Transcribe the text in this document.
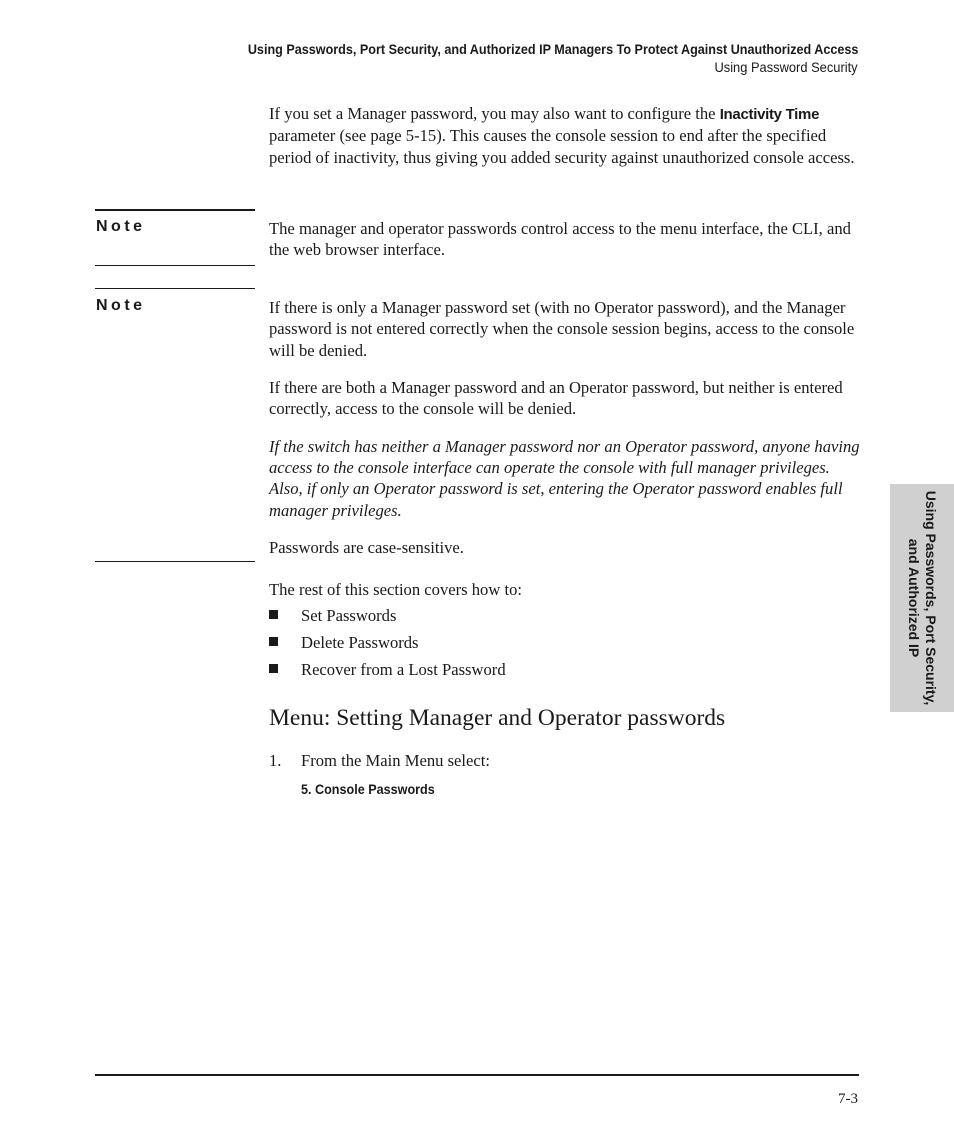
Using Passwords, Port Security, and Authorized IP Managers To Protect Against Unauthorized Access
Using Password Security

If you set a Manager password, you may also want to configure the Inactivity Time parameter (see page 5-15). This causes the console session to end after the specified period of inactivity, thus giving you added security against unauthorized console access.

Note	The manager and operator passwords control access to the menu interface, the CLI, and the web browser interface.
Note	If there is only a Manager password set (with no Operator password), and the Manager password is not entered correctly when the console session begins, access to the console will be denied.

If there are both a Manager password and an Operator password, but neither is entered correctly, access to the console will be denied.

If the switch has neither a Manager password nor an Operator password, anyone having access to the console interface can operate the console with full manager privileges. Also, if only an Operator password is set, entering the Operator password enables full manager privileges.

Passwords are case-sensitive.

The rest of this section covers how to:

Set Passwords
Delete Passwords
Recover from a Lost Password
Menu: Setting Manager and Operator passwords
1. From the Main Menu select:
5. Console Passwords
Using Passwords, Port Security, and Authorized IP
7-3
